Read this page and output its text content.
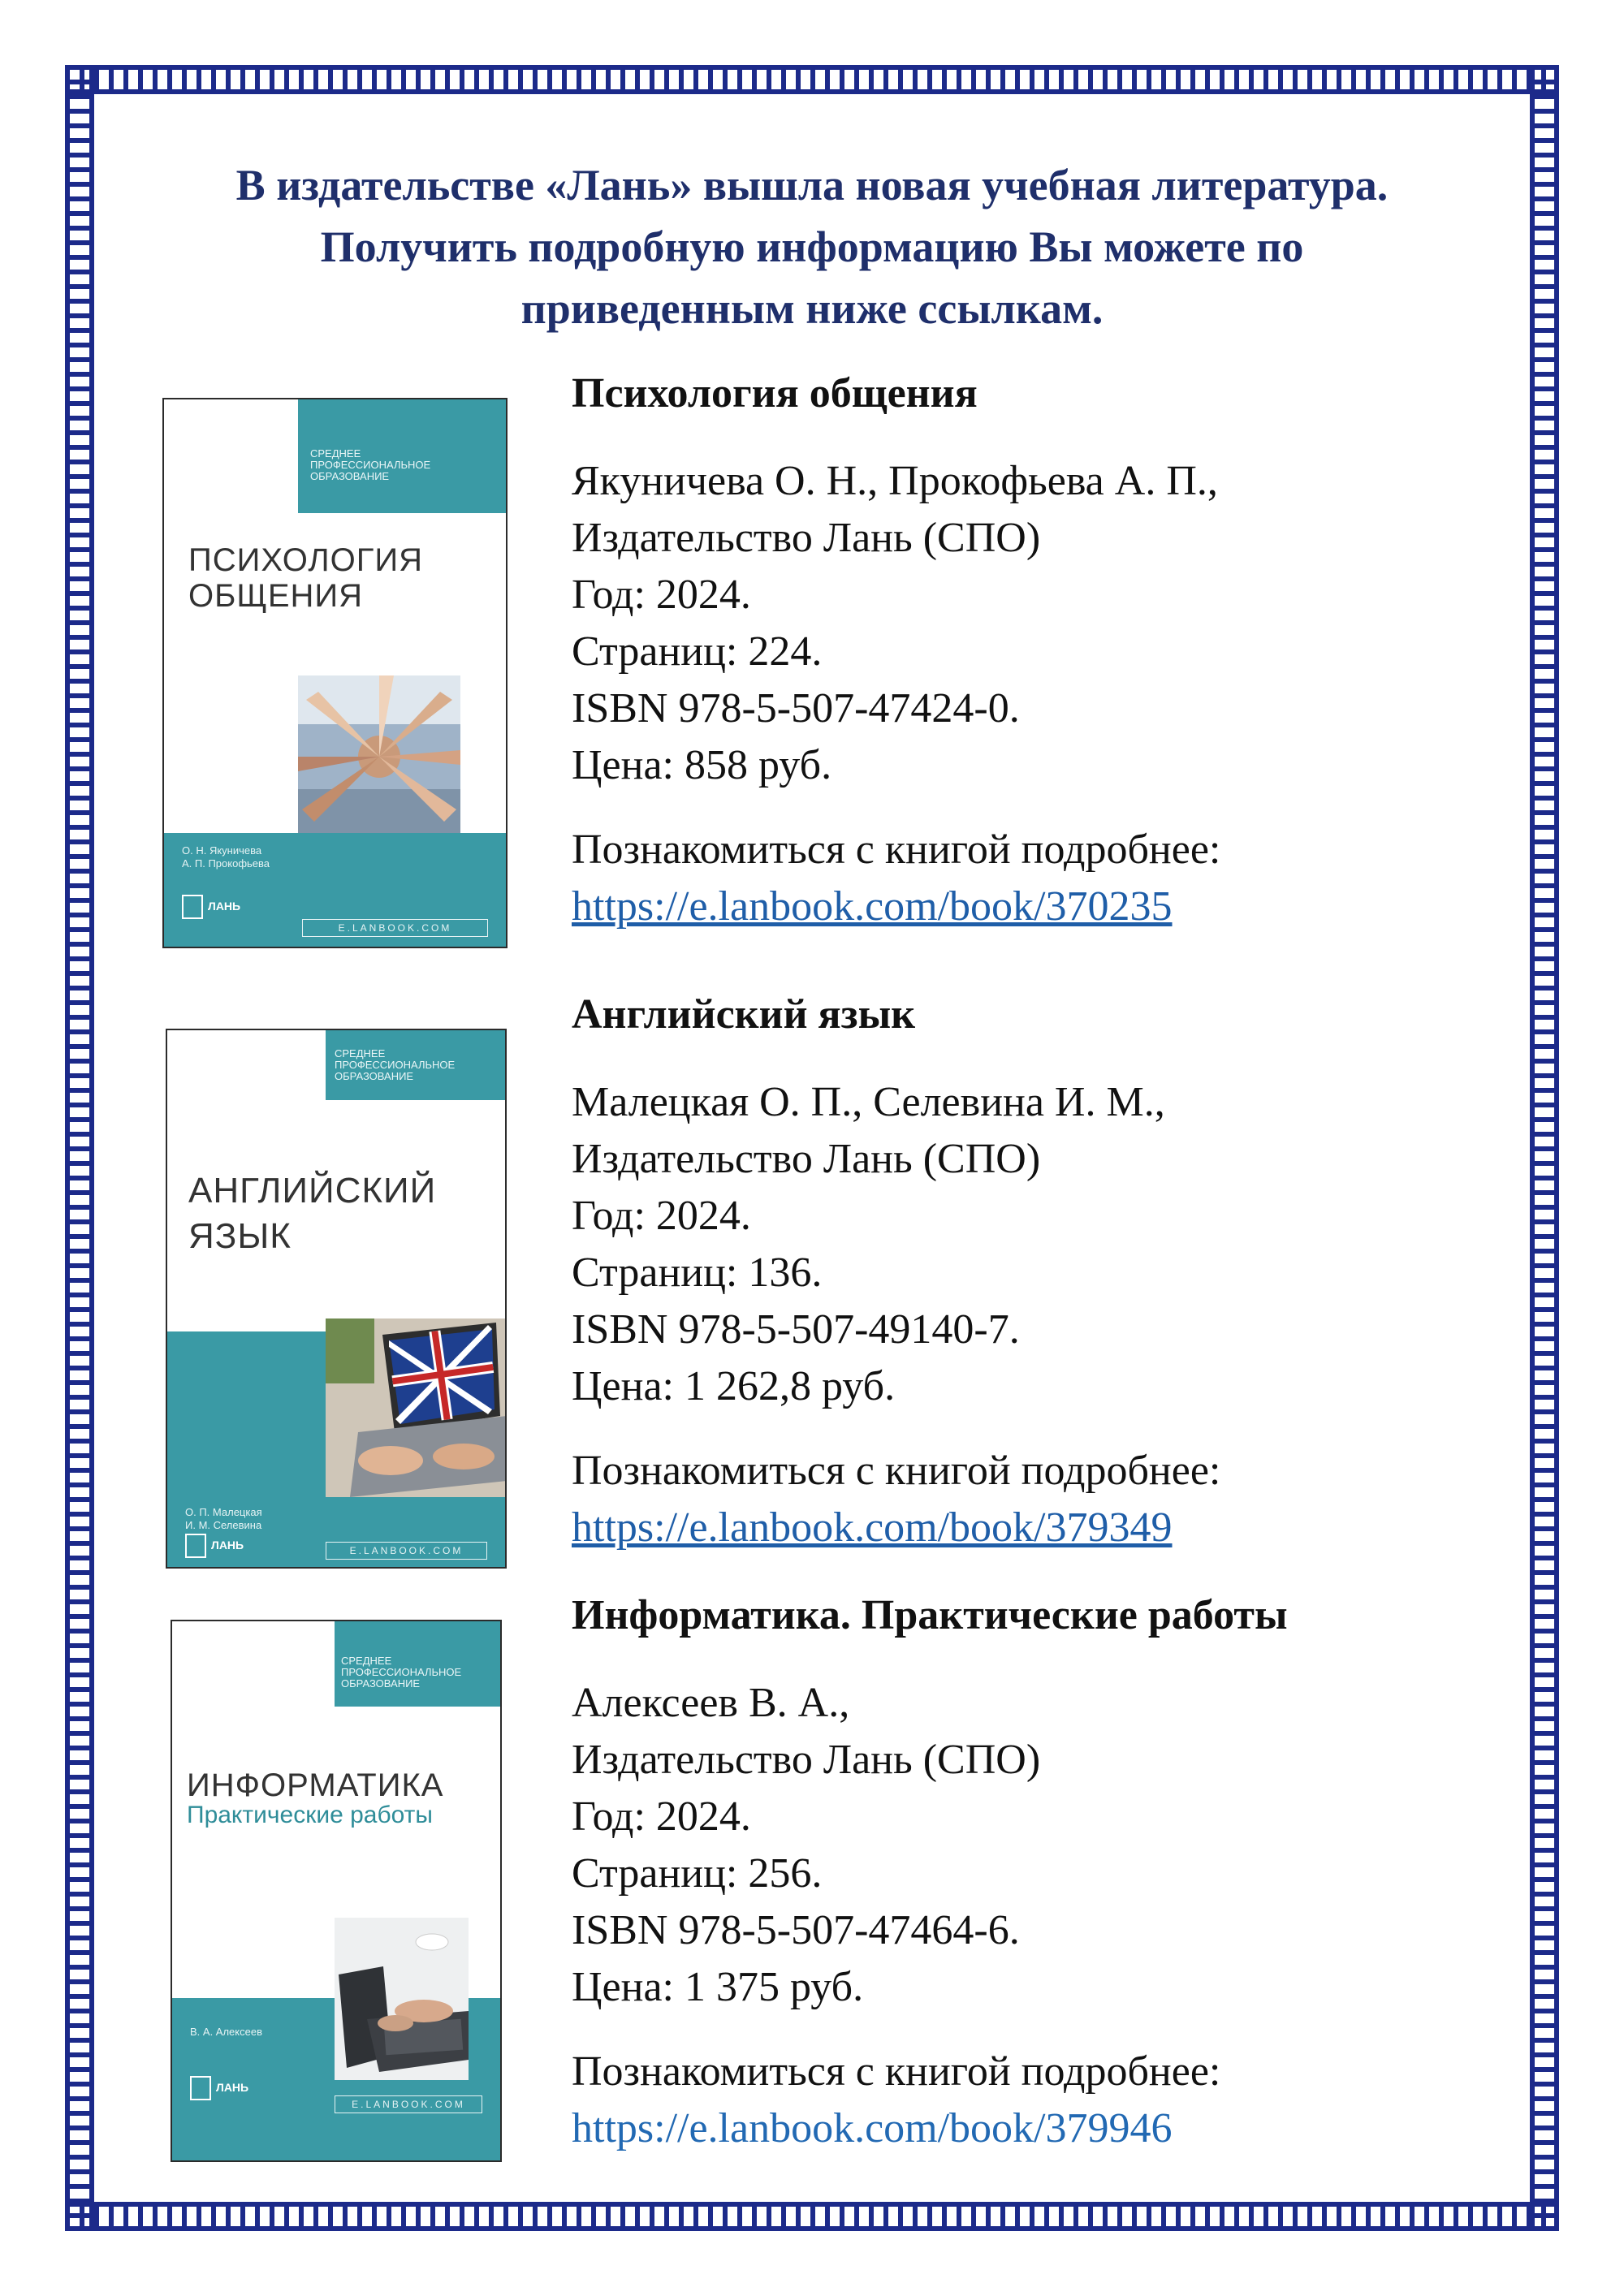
В издательстве «Лань» вышла новая учебная литература.
Получить подробную информацию Вы можете по
приведенным ниже ссылкам.
СРЕДНЕЕ
ПРОФЕССИОНАЛЬНОЕ
ОБРАЗОВАНИЕ
ПСИХОЛОГИЯ
ОБЩЕНИЯ
О. Н. Якуничева
А. П. Прокофьева
ЛАНЬ
E.LANBOOK.COM
Психология общения
Якуничева О. Н., Прокофьева А. П.,
Издательство Лань (СПО)
Год: 2024.
Страниц: 224.
ISBN 978-5-507-47424-0.
Цена: 858 руб.
Познакомиться с книгой подробнее:
https://e.lanbook.com/book/370235
СРЕДНЕЕ
ПРОФЕССИОНАЛЬНОЕ
ОБРАЗОВАНИЕ
АНГЛИЙСКИЙ
ЯЗЫК
О. П. Малецкая
И. М. Селевина
ЛАНЬ	E.LANBOOK.COM
Английский язык
Малецкая О. П., Селевина И. М.,
Издательство Лань (СПО)
Год: 2024.
Страниц: 136.
ISBN 978-5-507-49140-7.
Цена: 1 262,8 руб.
Познакомиться с книгой подробнее:
https://e.lanbook.com/book/379349
СРЕДНЕЕ
ПРОФЕССИОНАЛЬНОЕ
ОБРАЗОВАНИЕ
ИНФОРМАТИКА
Практические работы
В. А. Алексеев
ЛАНЬ
E.LANBOOK.COM
Информатика. Практические работы
Алексеев В. А.,
Издательство Лань (СПО)
Год: 2024.
Страниц: 256.
ISBN 978-5-507-47464-6.
Цена: 1 375 руб.
Познакомиться с книгой подробнее:
https://e.lanbook.com/book/379946
